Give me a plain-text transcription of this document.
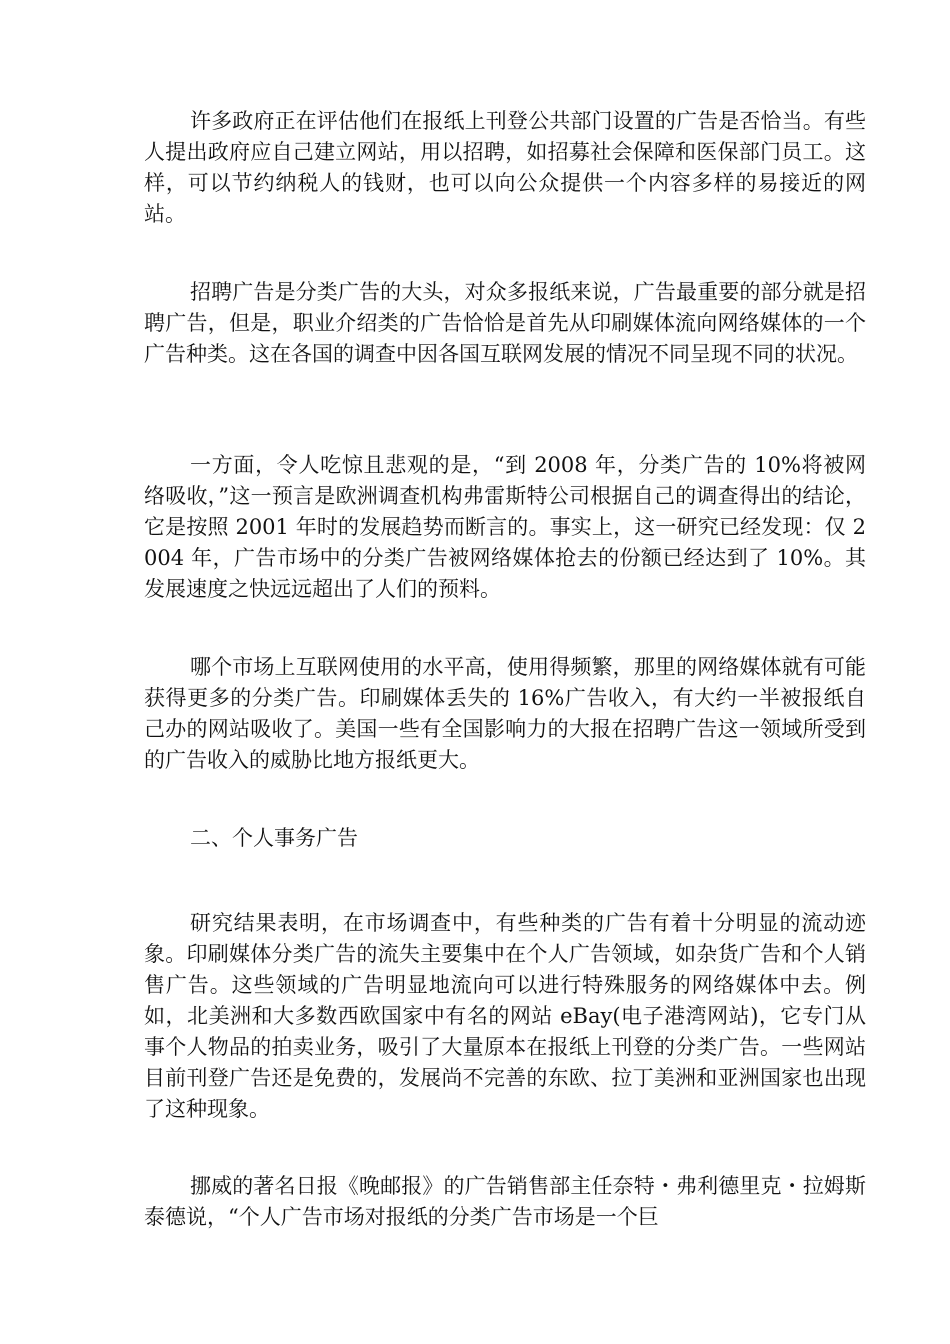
许多政府正在评估他们在报纸上刊登公共部门设置的广告是否恰当。有些人提出政府应自己建立网站，用以招聘，如招募社会保障和医保部门员工。这样，可以节约纳税人的钱财，也可以向公众提供一个内容多样的易接近的网站。

招聘广告是分类广告的大头，对众多报纸来说，广告最重要的部分就是招聘广告，但是，职业介绍类的广告恰恰是首先从印刷媒体流向网络媒体的一个广告种类。这在各国的调查中因各国互联网发展的情况不同呈现不同的状况。

一方面，令人吃惊且悲观的是，“到 2008 年，分类广告的 10%将被网络吸收，”这一预言是欧洲调查机构弗雷斯特公司根据自己的调查得出的结论，它是按照 2001 年时的发展趋势而断言的。事实上，这一研究已经发现：仅 2004 年，广告市场中的分类广告被网络媒体抢去的份额已经达到了 10%。其发展速度之快远远超出了人们的预料。

哪个市场上互联网使用的水平高，使用得频繁，那里的网络媒体就有可能获得更多的分类广告。印刷媒体丢失的 16%广告收入，有大约一半被报纸自己办的网站吸收了。美国一些有全国影响力的大报在招聘广告这一领域所受到的广告收入的威胁比地方报纸更大。

二、个人事务广告

研究结果表明，在市场调查中，有些种类的广告有着十分明显的流动迹象。印刷媒体分类广告的流失主要集中在个人广告领域，如杂货广告和个人销售广告。这些领域的广告明显地流向可以进行特殊服务的网络媒体中去。例如，北美洲和大多数西欧国家中有名的网站 eBay(电子港湾网站)，它专门从事个人物品的拍卖业务，吸引了大量原本在报纸上刊登的分类广告。一些网站目前刊登广告还是免费的，发展尚不完善的东欧、拉丁美洲和亚洲国家也出现了这种现象。

挪威的著名日报《晚邮报》的广告销售部主任奈特・弗利德里克・拉姆斯泰德说，“个人广告市场对报纸的分类广告市场是一个巨
